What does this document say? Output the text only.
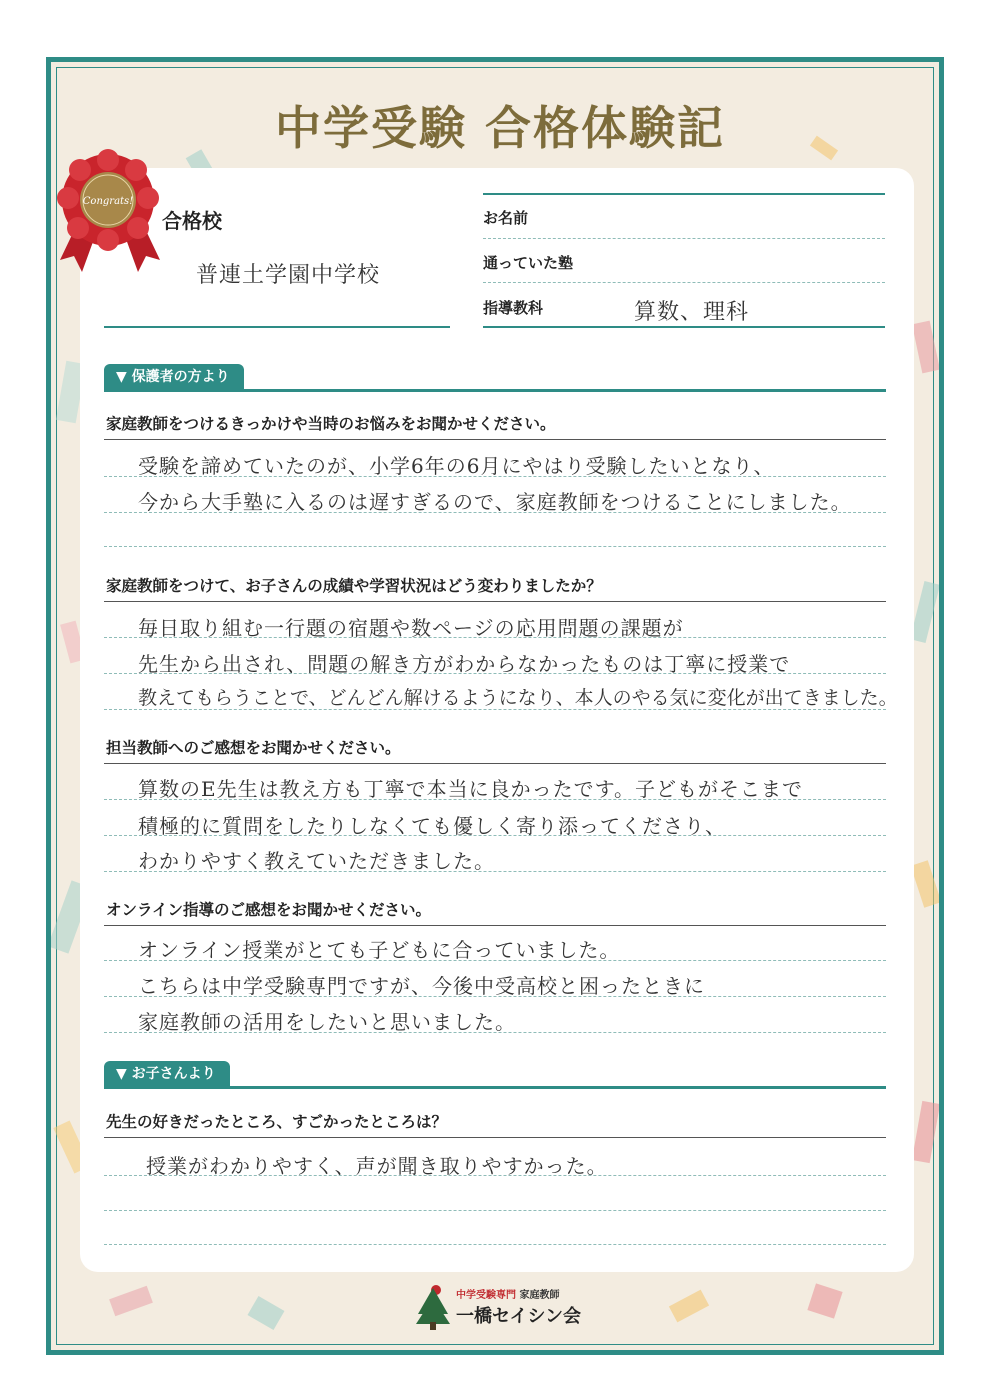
中学受験 合格体験記
Congrats!
合格校
普連土学園中学校
お名前
通っていた塾
指導教科	算数、理科
▼ 保護者の方より
家庭教師をつけるきっかけや当時のお悩みをお聞かせください。
受験を諦めていたのが、小学6年の6月にやはり受験したいとなり、
今から大手塾に入るのは遅すぎるので、家庭教師をつけることにしました。
家庭教師をつけて、お子さんの成績や学習状況はどう変わりましたか？
毎日取り組む一行題の宿題や数ページの応用問題の課題が
先生から出され、問題の解き方がわからなかったものは丁寧に授業で
教えてもらうことで、どんどん解けるようになり、本人のやる気に変化が出てきました。
担当教師へのご感想をお聞かせください。
算数のE先生は教え方も丁寧で本当に良かったです。子どもがそこまで
積極的に質問をしたりしなくても優しく寄り添ってくださり、
わかりやすく教えていただきました。
オンライン指導のご感想をお聞かせください。
オンライン授業がとても子どもに合っていました。
こちらは中学受験専門ですが、今後中受高校と困ったときに
家庭教師の活用をしたいと思いました。
▼ お子さんより
先生の好きだったところ、すごかったところは？
授業がわかりやすく、声が聞き取りやすかった。
中学受験専門 家庭教師
一橋セイシン会
